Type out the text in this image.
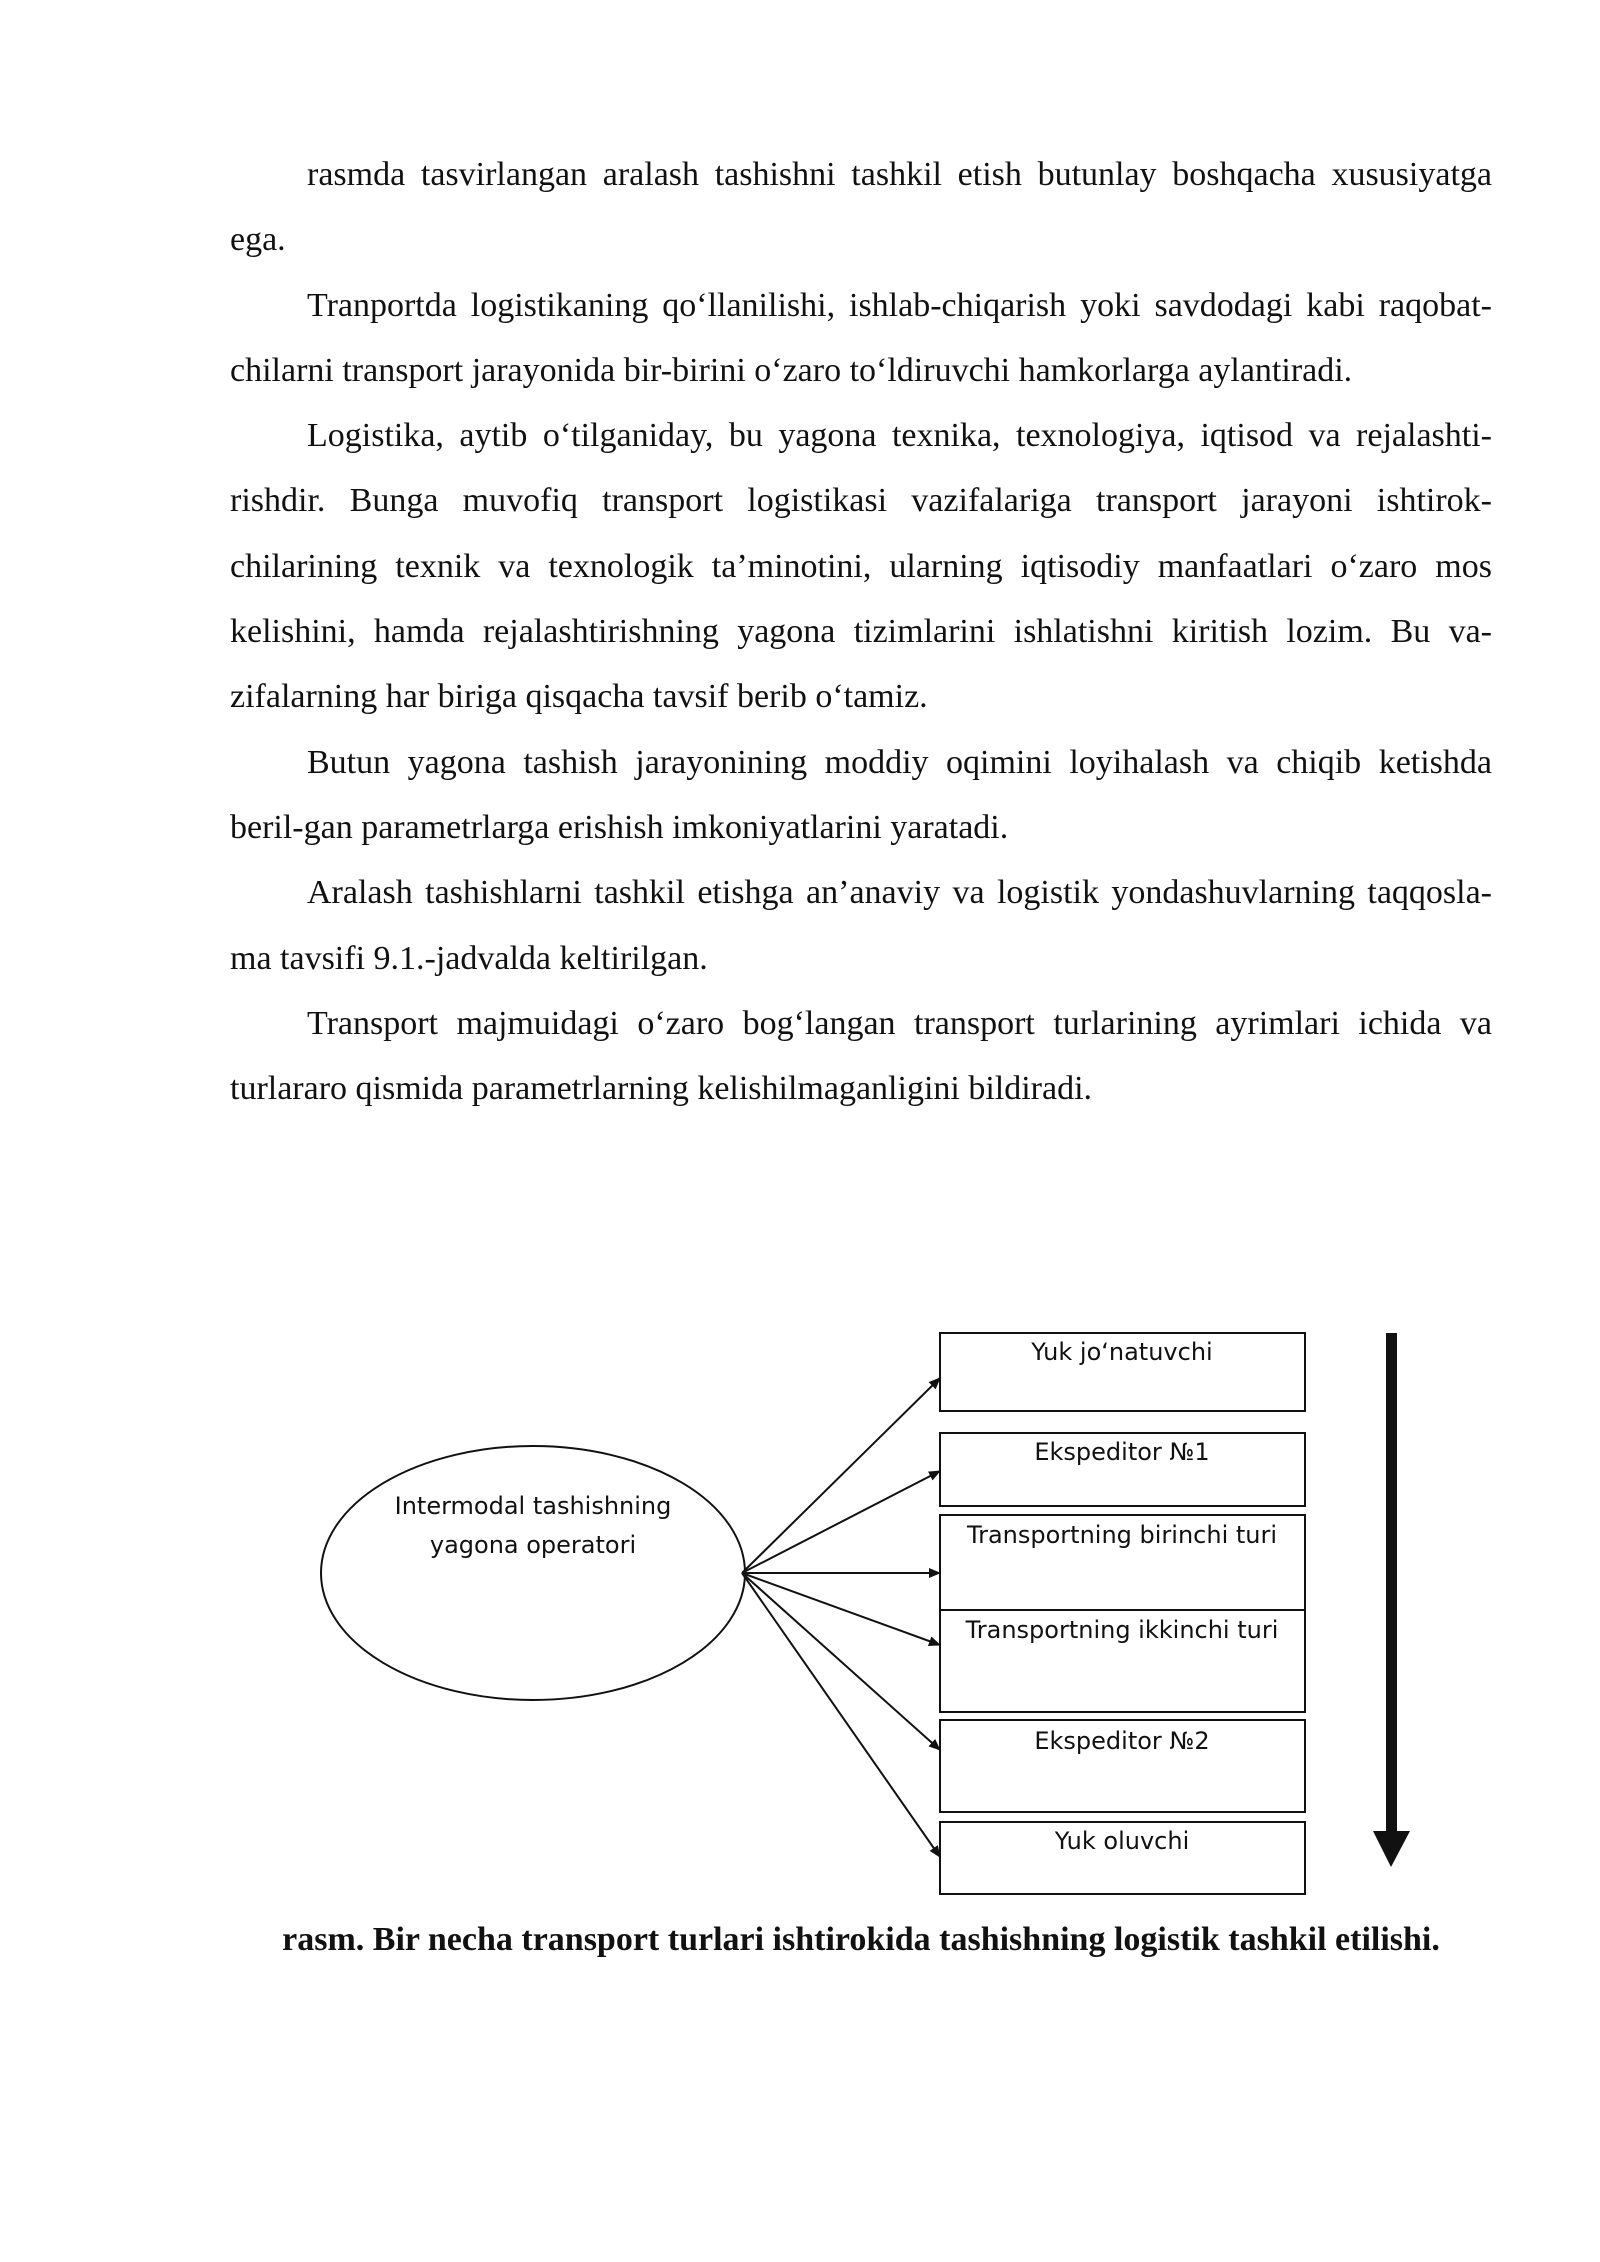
rasmda tasvirlangan aralash tashishni tashkil etish butunlay boshqacha xususiyatga ega.

Tranportda logistikaning qo‘llanilishi, ishlab-chiqarish yoki savdodagi kabi raqobat-chilarni transport jarayonida bir-birini o‘zaro to‘ldiruvchi hamkorlarga aylantiradi.

Logistika, aytib o‘tilganiday, bu yagona texnika, texnologiya, iqtisod va rejalashti-rishdir. Bunga muvofiq transport logistikasi vazifalariga transport jarayoni ishtirok-chilarining texnik va texnologik ta’minotini, ularning iqtisodiy manfaatlari o‘zaro mos kelishini, hamda rejalashtirishning yagona tizimlarini ishlatishni kiritish lozim. Bu va-zifalarning har biriga qisqacha tavsif berib o‘tamiz.

Butun yagona tashish jarayonining moddiy oqimini loyihalash va chiqib ketishda beril-gan parametrlarga erishish imkoniyatlarini yaratadi.

Aralash tashishlarni tashkil etishga an’anaviy va logistik yondashuvlarning taqqosla-ma tavsifi 9.1.-jadvalda keltirilgan.

Transport majmuidagi o‘zaro bog‘langan transport turlarining ayrimlari ichida va turlararo qismida parametrlarning kelishilmaganligini bildiradi.

Intermodal tashishning
yagona operatori
Yuk jo‘natuvchi
Ekspeditor №1
Transportning birinchi turi
Transportning ikkinchi turi
Ekspeditor №2
Yuk oluvchi

rasm. Bir necha transport turlari ishtirokida tashishning logistik tashkil etilishi.
